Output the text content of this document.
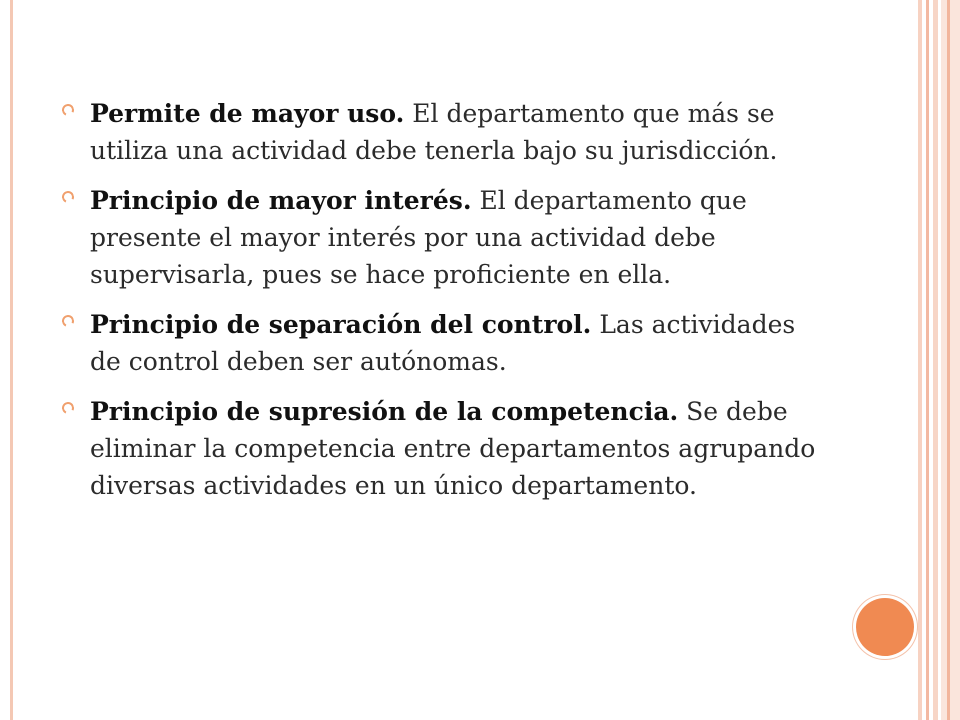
Permite de mayor uso. El departamento que más se utiliza una actividad debe tenerla bajo su jurisdicción.
Principio de mayor interés. El departamento que presente el mayor interés por una actividad debe supervisarla, pues se hace proficiente en ella.
Principio de separación del control. Las actividades de control deben ser autónomas.
Principio de supresión de la competencia. Se debe eliminar la competencia entre departamentos agrupando diversas actividades en un único departamento.
